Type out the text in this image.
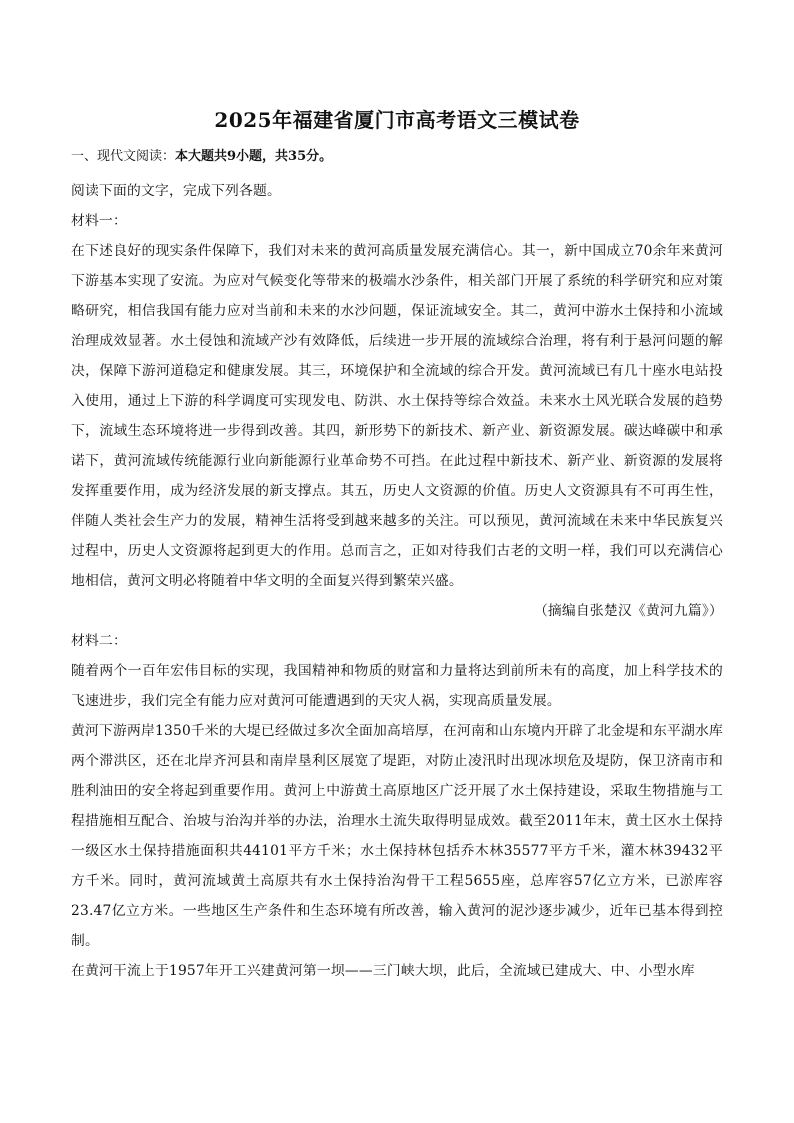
2025年福建省厦门市高考语文三模试卷
一、现代文阅读：本大题共9小题，共35分。

阅读下面的文字，完成下列各题。

材料一：

在下述良好的现实条件保障下，我们对未来的黄河高质量发展充满信心。其一，新中国成立70余年来黄河下游基本实现了安流。为应对气候变化等带来的极端水沙条件，相关部门开展了系统的科学研究和应对策略研究，相信我国有能力应对当前和未来的水沙问题，保证流域安全。其二，黄河中游水土保持和小流域治理成效显著。水土侵蚀和流域产沙有效降低，后续进一步开展的流域综合治理，将有利于悬河问题的解决，保障下游河道稳定和健康发展。其三，环境保护和全流域的综合开发。黄河流域已有几十座水电站投入使用，通过上下游的科学调度可实现发电、防洪、水土保持等综合效益。未来水土风光联合发展的趋势下，流域生态环境将进一步得到改善。其四，新形势下的新技术、新产业、新资源发展。碳达峰碳中和承诺下，黄河流域传统能源行业向新能源行业革命势不可挡。在此过程中新技术、新产业、新资源的发展将发挥重要作用，成为经济发展的新支撑点。其五，历史人文资源的价值。历史人文资源具有不可再生性，伴随人类社会生产力的发展，精神生活将受到越来越多的关注。可以预见，黄河流域在未来中华民族复兴过程中，历史人文资源将起到更大的作用。总而言之，正如对待我们古老的文明一样，我们可以充满信心地相信，黄河文明必将随着中华文明的全面复兴得到繁荣兴盛。

（摘编自张楚汉《黄河九篇》）

材料二：

随着两个一百年宏伟目标的实现，我国精神和物质的财富和力量将达到前所未有的高度，加上科学技术的飞速进步，我们完全有能力应对黄河可能遭遇到的天灾人祸，实现高质量发展。

黄河下游两岸1350千米的大堤已经做过多次全面加高培厚，在河南和山东境内开辟了北金堤和东平湖水库两个滞洪区，还在北岸齐河县和南岸垦利区展宽了堤距，对防止凌汛时出现冰坝危及堤防，保卫济南市和胜利油田的安全将起到重要作用。黄河上中游黄土高原地区广泛开展了水土保持建设，采取生物措施与工程措施相互配合、治坡与治沟并举的办法，治理水土流失取得明显成效。截至2011年末，黄土区水土保持一级区水土保持措施面积共44101平方千米；水土保持林包括乔木林35577平方千米，灌木林39432平方千米。同时，黄河流域黄土高原共有水土保持治沟骨干工程5655座，总库容57亿立方米，已淤库容23.47亿立方米。一些地区生产条件和生态环境有所改善，输入黄河的泥沙逐步减少，近年已基本得到控制。

在黄河干流上于1957年开工兴建黄河第一坝——三门峡大坝，此后，全流域已建成大、中、小型水库
